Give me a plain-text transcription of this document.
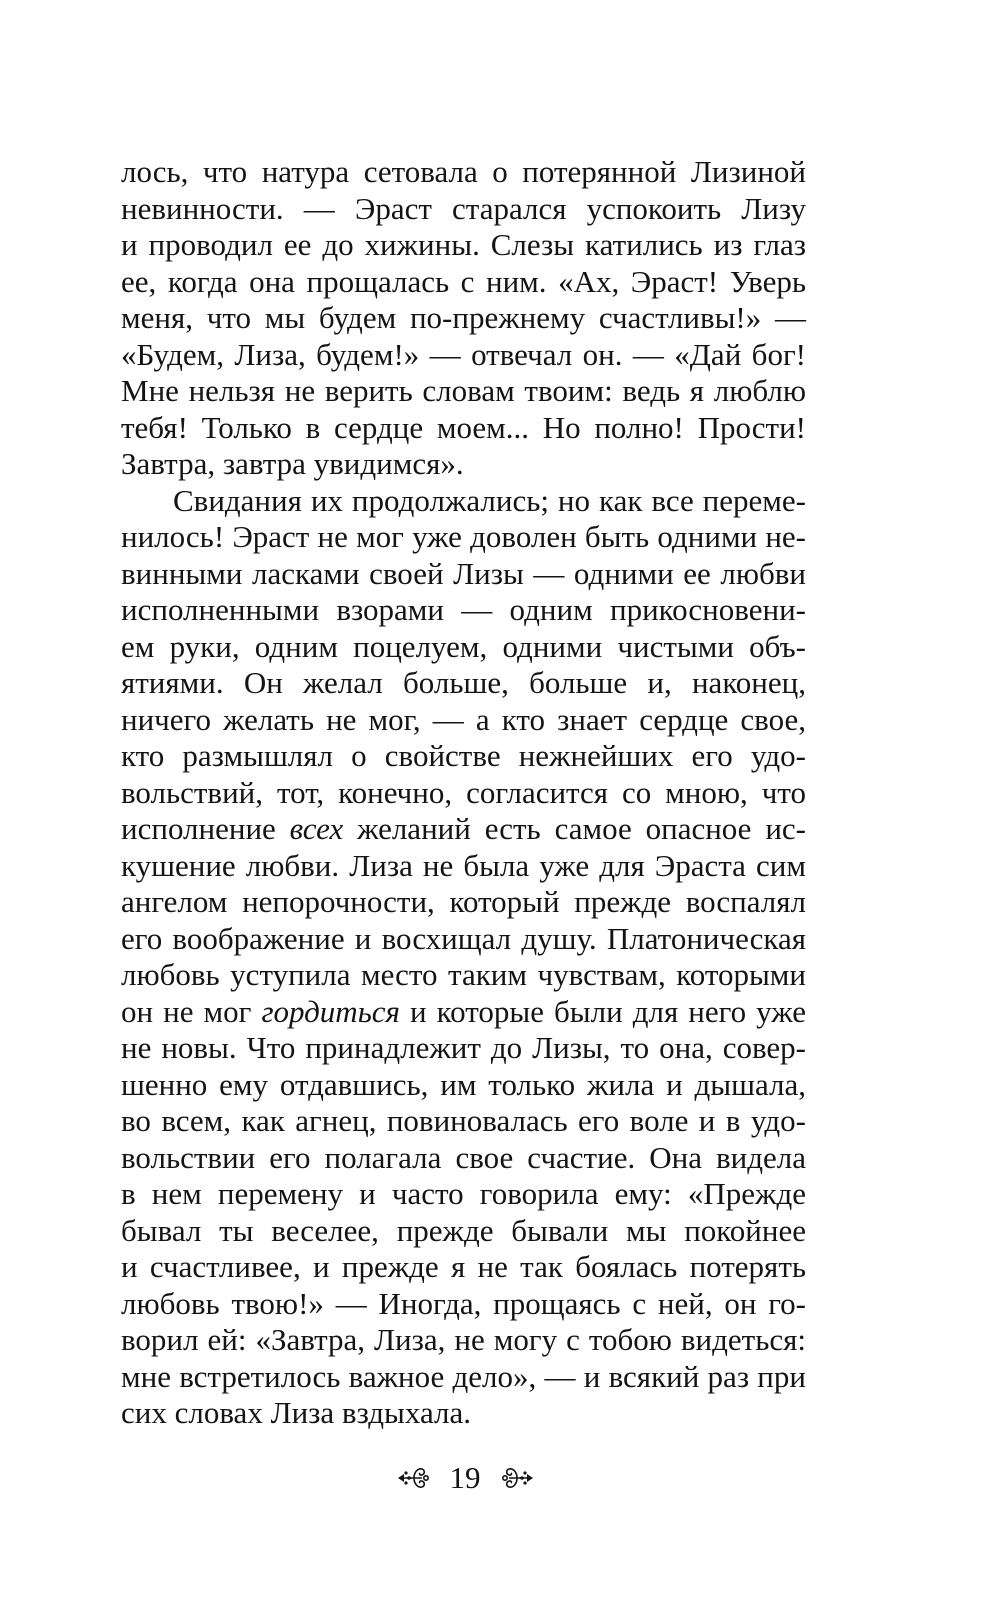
лось, что натура сетовала о потерянной Лизиной
невинности. — Эраст старался успокоить Лизу
и проводил ее до хижины. Слезы катились из глаз
ее, когда она прощалась с ним. «Ах, Эраст! Уверь
меня, что мы будем по-прежнему счастливы!» —
«Будем, Лиза, будем!» — отвечал он. — «Дай бог!
Мне нельзя не верить словам твоим: ведь я люблю
тебя! Только в сердце моем... Но полно! Прости!
Завтра, завтра увидимся».
Свидания их продолжались; но как все переме-
нилось! Эраст не мог уже доволен быть одними не-
винными ласками своей Лизы — одними ее любви
исполненными взорами — одним прикосновени-
ем руки, одним поцелуем, одними чистыми объ-
ятиями. Он желал больше, больше и, наконец,
ничего желать не мог, — а кто знает сердце свое,
кто размышлял о свойстве нежнейших его удо-
вольствий, тот, конечно, согласится со мною, что
исполнение всех желаний есть самое опасное ис-
кушение любви. Лиза не была уже для Эраста сим
ангелом непорочности, который прежде воспалял
его воображение и восхищал душу. Платоническая
любовь уступила место таким чувствам, которыми
он не мог гордиться и которые были для него уже
не новы. Что принадлежит до Лизы, то она, совер-
шенно ему отдавшись, им только жила и дышала,
во всем, как агнец, повиновалась его воле и в удо-
вольствии его полагала свое счастие. Она видела
в нем перемену и часто говорила ему: «Прежде
бывал ты веселее, прежде бывали мы покойнее
и счастливее, и прежде я не так боялась потерять
любовь твою!» — Иногда, прощаясь с ней, он го-
ворил ей: «Завтра, Лиза, не могу с тобою видеться:
мне встретилось важное дело», — и всякий раз при
сих словах Лиза вздыхала.
19
